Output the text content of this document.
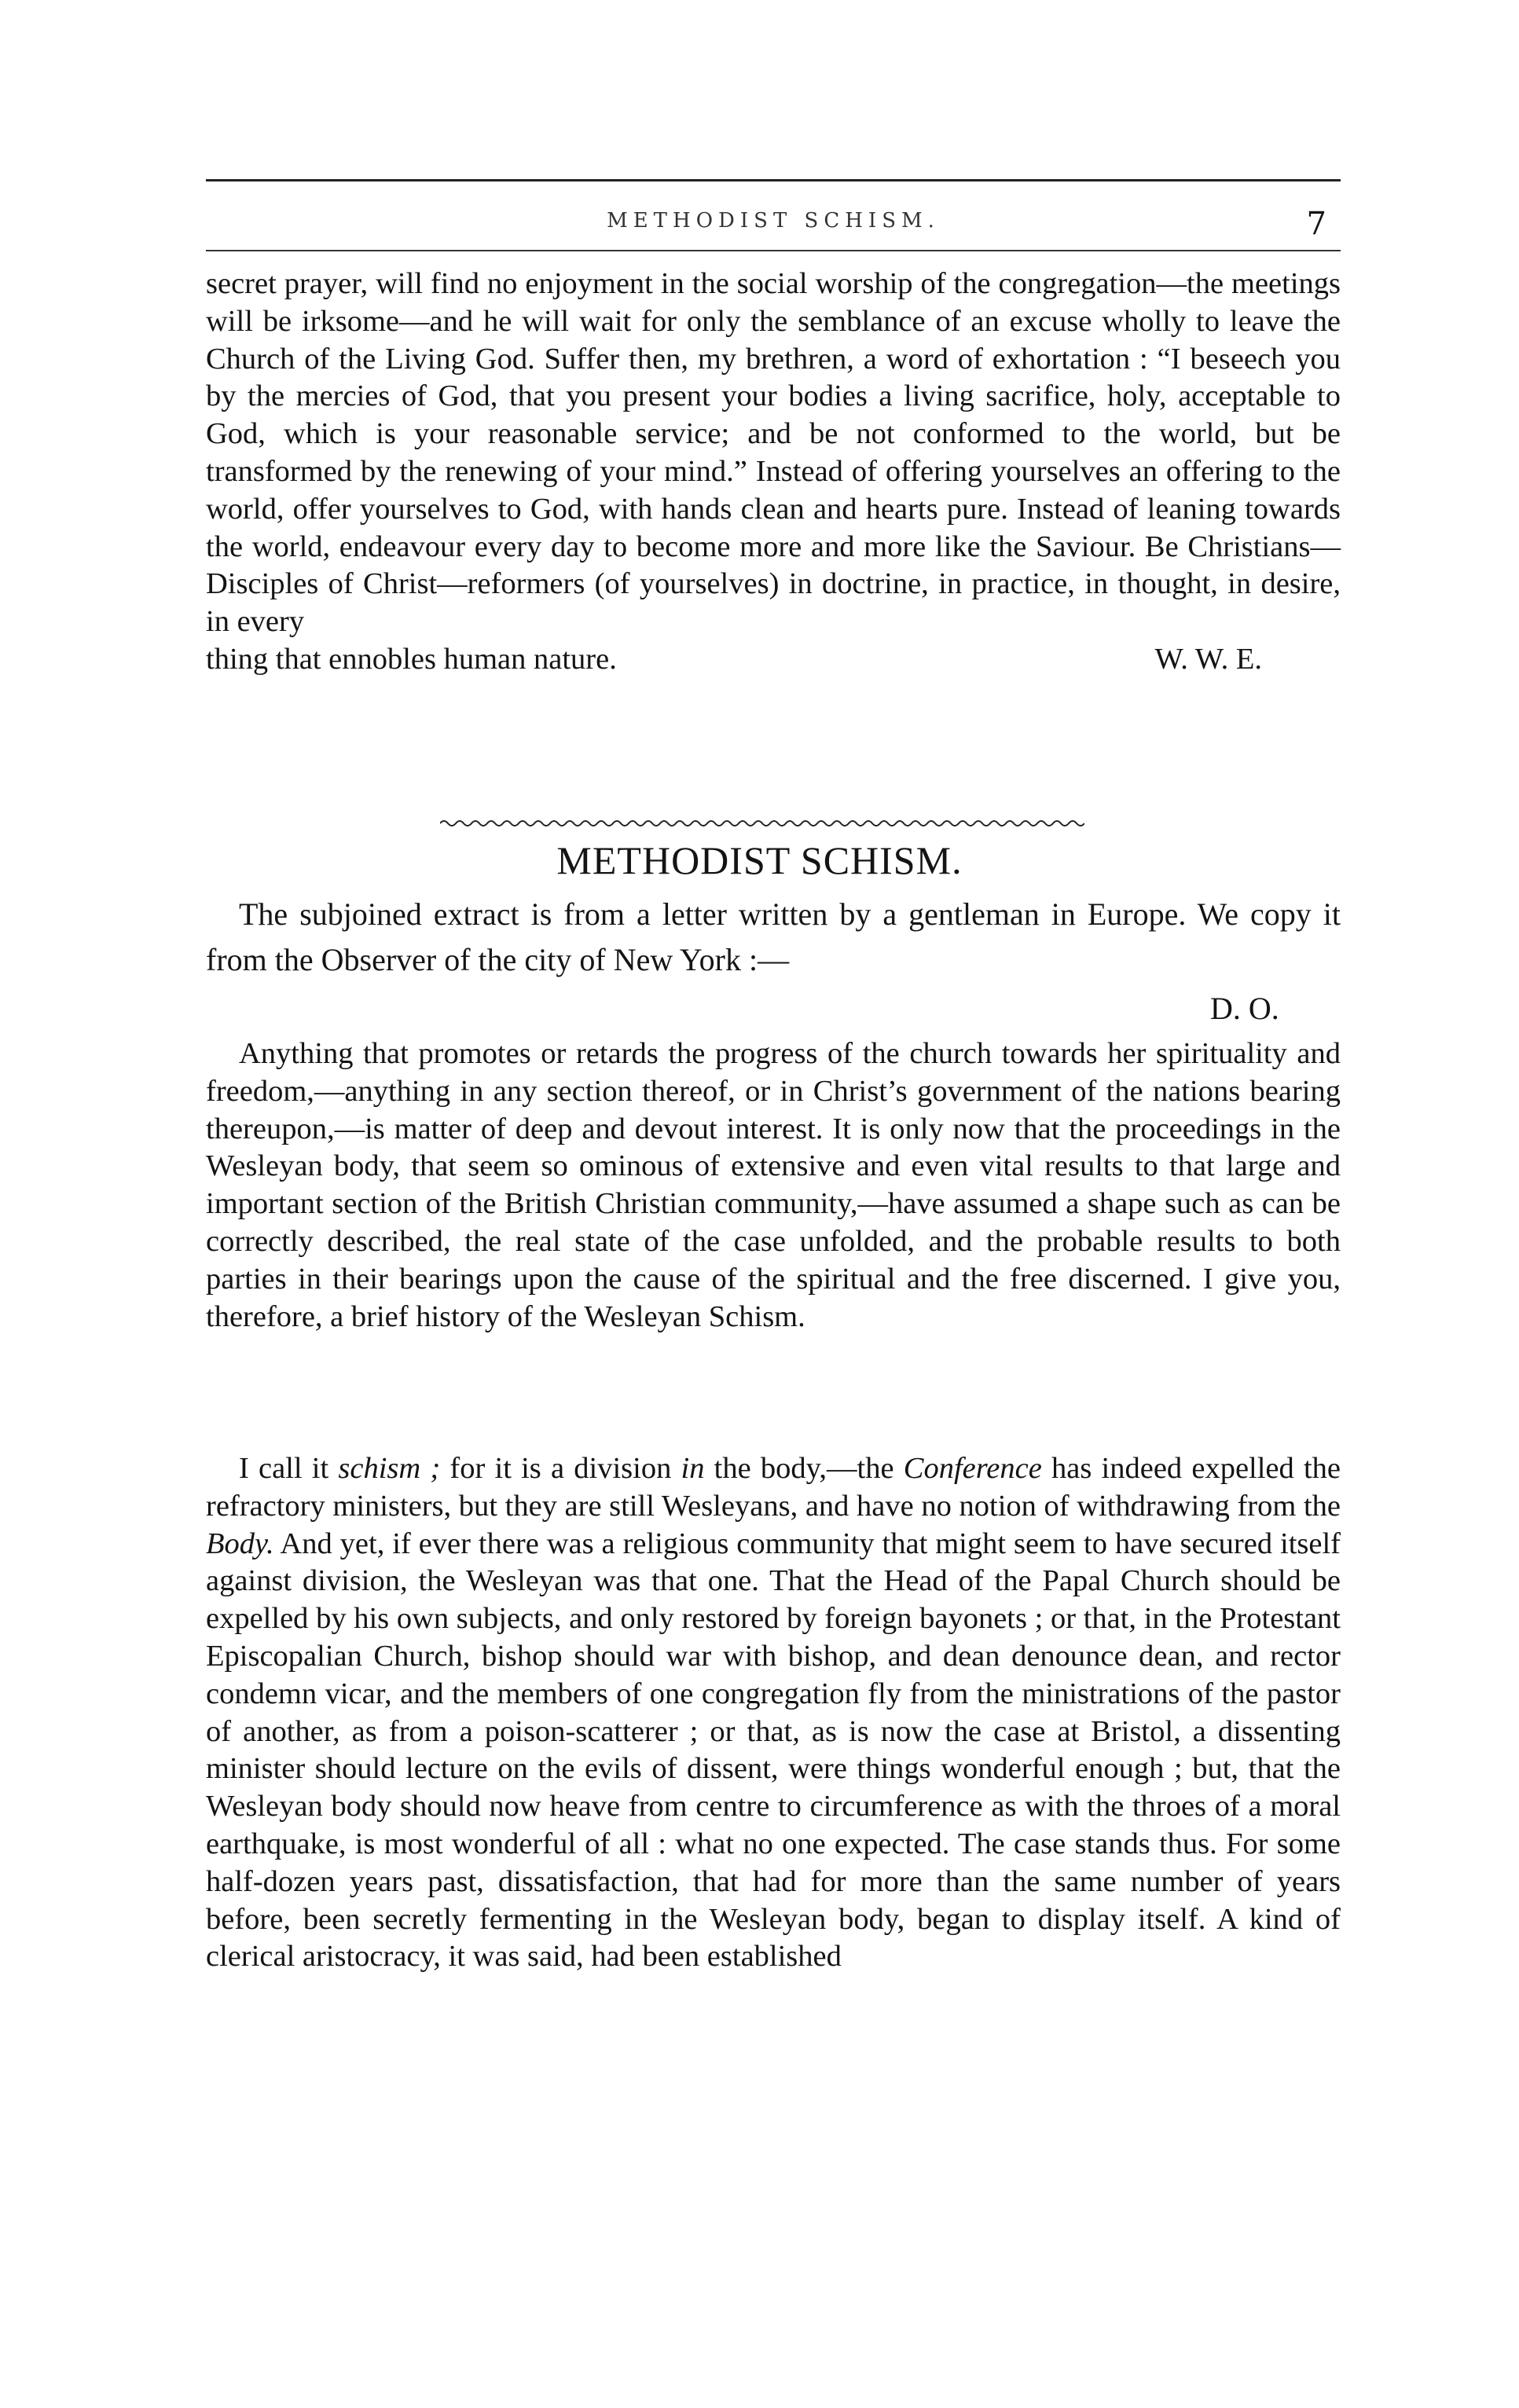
METHODIST SCHISM.	7

secret prayer, will find no enjoyment in the social worship of the congregation—the meetings will be irksome—and he will wait for only the semblance of an excuse wholly to leave the Church of the Living God. Suffer then, my brethren, a word of exhortation : “I beseech you by the mercies of God, that you present your bodies a living sacrifice, holy, acceptable to God, which is your reasonable service; and be not conformed to the world, but be transformed by the renewing of your mind.” Instead of offering yourselves an offering to the world, offer yourselves to God, with hands clean and hearts pure. Instead of leaning towards the world, endeavour every day to become more and more like the Saviour. Be Christians—Disciples of Christ—reformers (of yourselves) in doctrine, in practice, in thought, in desire, in every

thing that ennobles human nature.	W. W. E.
METHODIST SCHISM.

The subjoined extract is from a letter written by a gentleman in Europe. We copy it from the Observer of the city of New York :—

D. O.

Anything that promotes or retards the progress of the church towards her spirituality and freedom,—anything in any section thereof, or in Christ’s government of the nations bearing thereupon,—is matter of deep and devout interest. It is only now that the proceedings in the Wesleyan body, that seem so ominous of extensive and even vital results to that large and important section of the British Christian community,—have assumed a shape such as can be correctly described, the real state of the case unfolded, and the probable results to both parties in their bearings upon the cause of the spiritual and the free discerned. I give you, therefore, a brief history of the Wesleyan Schism.

I call it schism ; for it is a division in the body,—the Conference has indeed expelled the refractory ministers, but they are still Wesleyans, and have no notion of withdrawing from the Body. And yet, if ever there was a religious community that might seem to have secured itself against division, the Wesleyan was that one. That the Head of the Papal Church should be expelled by his own subjects, and only restored by foreign bayonets ; or that, in the Protestant Episcopalian Church, bishop should war with bishop, and dean denounce dean, and rector condemn vicar, and the members of one congregation fly from the ministrations of the pastor of another, as from a poison-scatterer ; or that, as is now the case at Bristol, a dissenting minister should lecture on the evils of dissent, were things wonderful enough ; but, that the Wesleyan body should now heave from centre to circumference as with the throes of a moral earthquake, is most wonderful of all : what no one expected. The case stands thus. For some half-dozen years past, dissatisfaction, that had for more than the same number of years before, been secretly fermenting in the Wesleyan body, began to display itself. A kind of clerical aristocracy, it was said, had been established
